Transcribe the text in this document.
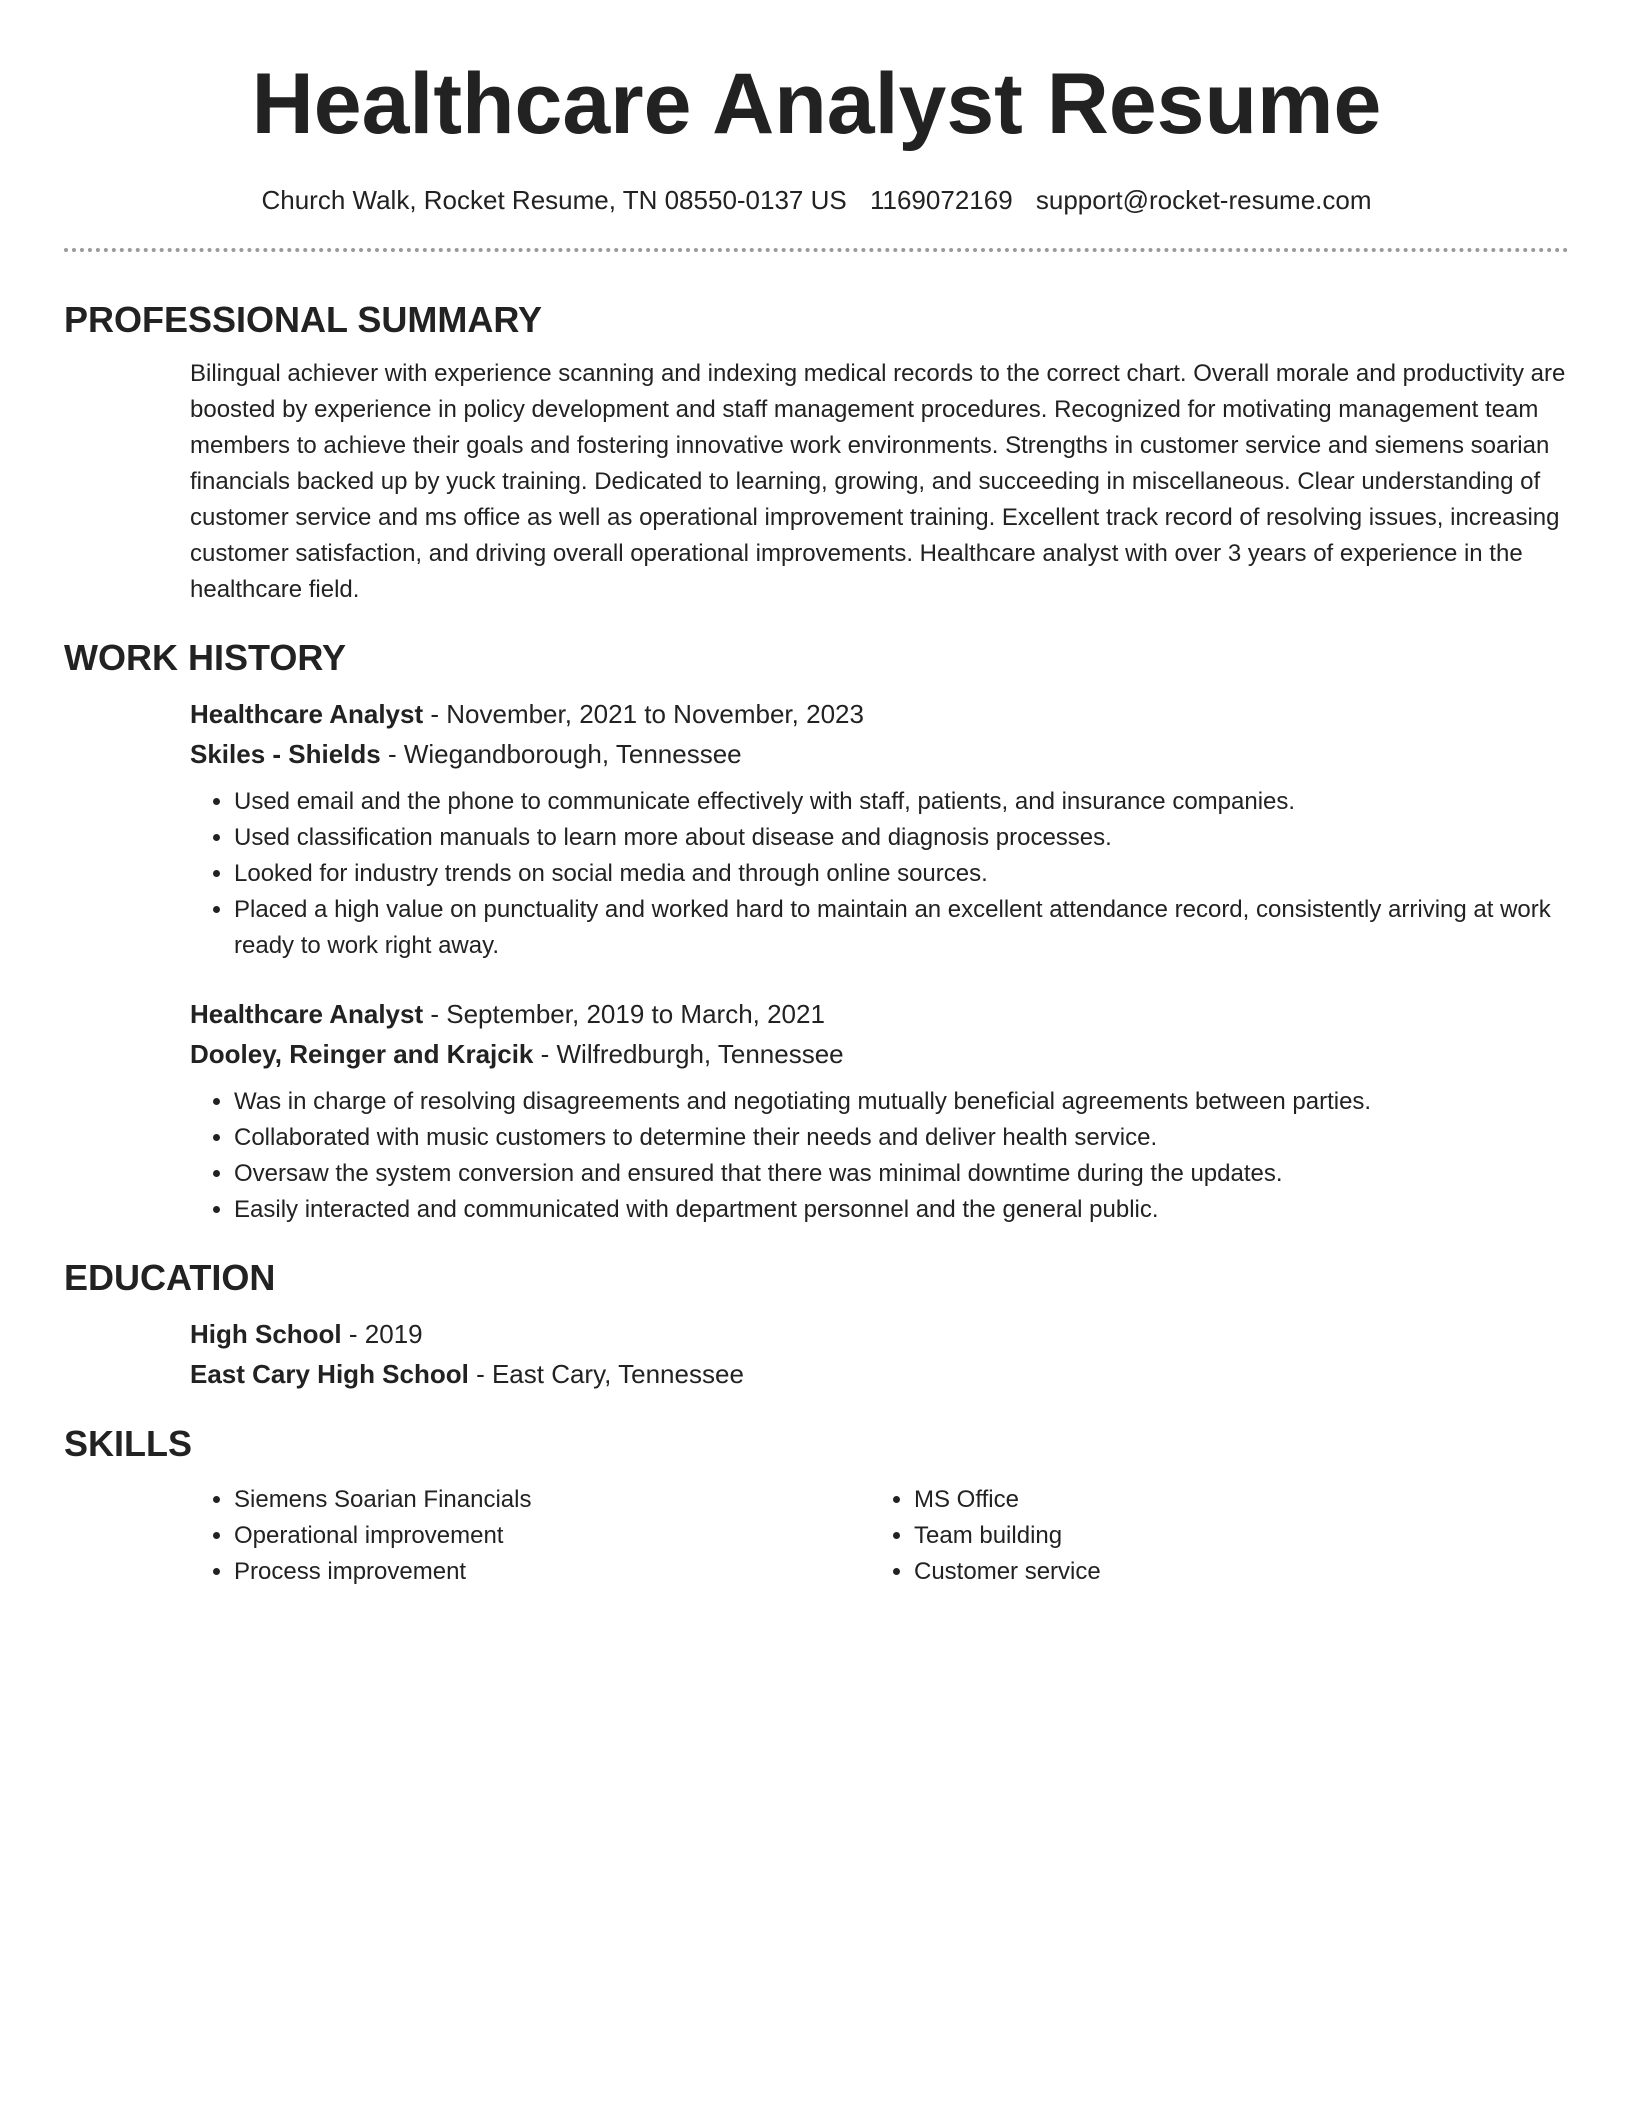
Healthcare Analyst Resume
Church Walk, Rocket Resume, TN 08550-0137 US 1169072169 support@rocket-resume.com
PROFESSIONAL SUMMARY

Bilingual achiever with experience scanning and indexing medical records to the correct chart. Overall morale and productivity are boosted by experience in policy development and staff management procedures. Recognized for motivating management team members to achieve their goals and fostering innovative work environments. Strengths in customer service and siemens soarian financials backed up by yuck training. Dedicated to learning, growing, and succeeding in miscellaneous. Clear understanding of customer service and ms office as well as operational improvement training. Excellent track record of resolving issues, increasing customer satisfaction, and driving overall operational improvements. Healthcare analyst with over 3 years of experience in the healthcare field.

WORK HISTORY

Healthcare Analyst - November, 2021 to November, 2023

Skiles - Shields - Wiegandborough, Tennessee

• Used email and the phone to communicate effectively with staff, patients, and insurance companies.
• Used classification manuals to learn more about disease and diagnosis processes.
• Looked for industry trends on social media and through online sources.
• Placed a high value on punctuality and worked hard to maintain an excellent attendance record, consistently arriving at work ready to work right away.

Healthcare Analyst - September, 2019 to March, 2021

Dooley, Reinger and Krajcik - Wilfredburgh, Tennessee

• Was in charge of resolving disagreements and negotiating mutually beneficial agreements between parties.
• Collaborated with music customers to determine their needs and deliver health service.
• Oversaw the system conversion and ensured that there was minimal downtime during the updates.
• Easily interacted and communicated with department personnel and the general public.
EDUCATION

High School - 2019

East Cary High School - East Cary, Tennessee

SKILLS
• Siemens Soarian Financials
• Operational improvement
• Process improvement
• MS Office
• Team building
• Customer service
